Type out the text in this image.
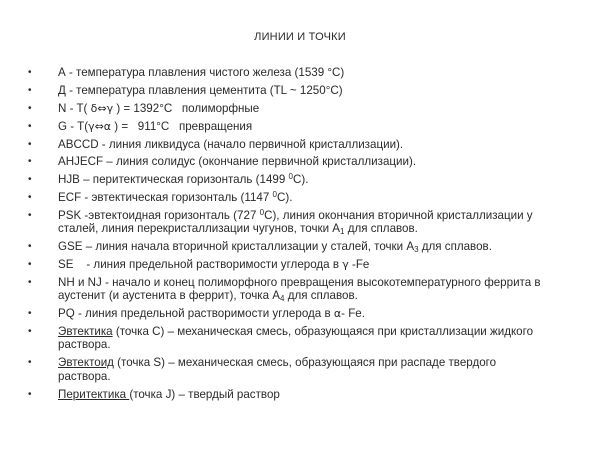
ЛИНИИ И ТОЧКИ
•	А - температура плавления чистого железа (1539 °C)
•	Д - температура плавления цементита (TL ~ 1250°C)
•	N - T( δ⇔γ ) = 1392°C   полиморфные
•	G - T(γ⇔α ) =   911°C   превращения
•	ABCCD - линия ликвидуса (начало первичной кристаллизации).
•	AHJECF – линия солидус (окончание первичной кристаллизации).
•	HJB – перитектическая горизонталь (1499 $^0$C).
•	ECF - эвтектическая горизонталь (1147 $^0$С).
•	PSK -эвтектоидная горизонталь (727 $^0$С), линия окончания вторичной кристаллизации у сталей, линия перекристаллизации чугунов, точки $А_1$ для сплавов.
•	GSE – линия начала вторичной кристаллизации у сталей, точки $А_3$ для сплавов.
•	SE    - линия предельной растворимости углерода в γ -Fe
•	NH и NJ - начало и конец полиморфного превращения высокотемпературного феррита в аустенит (и аустенита в феррит), точка $А_4$ для сплавов.
•	PQ - линия предельной растворимости углерода в α- Fe.
•	Эвтектика (точка С) – механическая смесь, образующаяся при кристаллизации жидкого раствора.
•	Эвтектоид (точка S) – механическая смесь, образующаяся при распаде твердого раствора.
•	Перитектика (точка J) – твердый раствор
